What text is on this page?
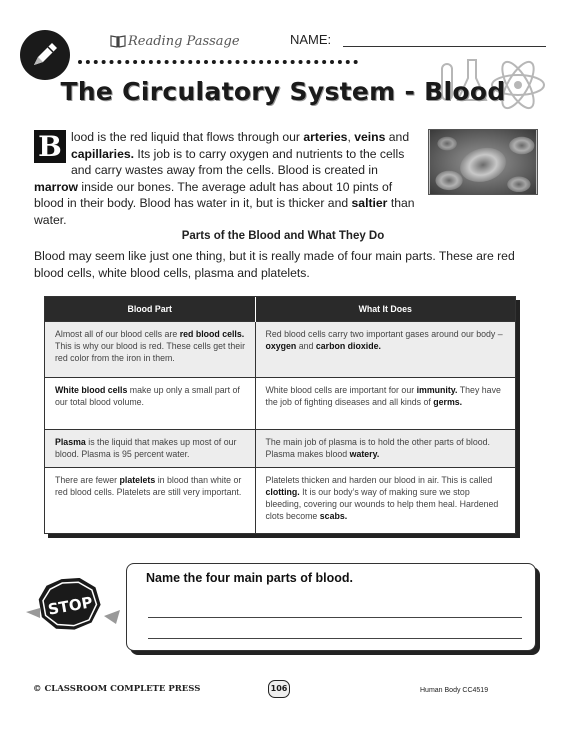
Reading Passage	NAME:
The Circulatory System - Blood
B lood is the red liquid that flows through our arteries, veins and capillaries. Its job is to carry oxygen and nutrients to the cells and carry wastes away from the cells. Blood is created in marrow inside our bones. The average adult has about 10 pints of blood in their body. Blood has water in it, but is thicker and saltier than water.
Parts of the Blood and What They Do
Blood may seem like just one thing, but it is really made of four main parts. These are red blood cells, white blood cells, plasma and platelets.
Blood Part	What It Does
Almost all of our blood cells are red blood cells. This is why our blood is red. These cells get their red color from the iron in them.	Red blood cells carry two important gases around our body – oxygen and carbon dioxide.
White blood cells make up only a small part of our total blood volume.	White blood cells are important for our immunity. They have the job of fighting diseases and all kinds of germs.
Plasma is the liquid that makes up most of our blood. Plasma is 95 percent water.	The main job of plasma is to hold the other parts of blood. Plasma makes blood watery.
There are fewer platelets in blood than white or red blood cells. Platelets are still very important.	Platelets thicken and harden our blood in air. This is called clotting. It is our body’s way of making sure we stop bleeding, covering our wounds to help them heal. Hardened clots become scabs.
STOP
Name the four main parts of blood.
© CLASSROOM COMPLETE PRESS	106	Human Body CC4519
